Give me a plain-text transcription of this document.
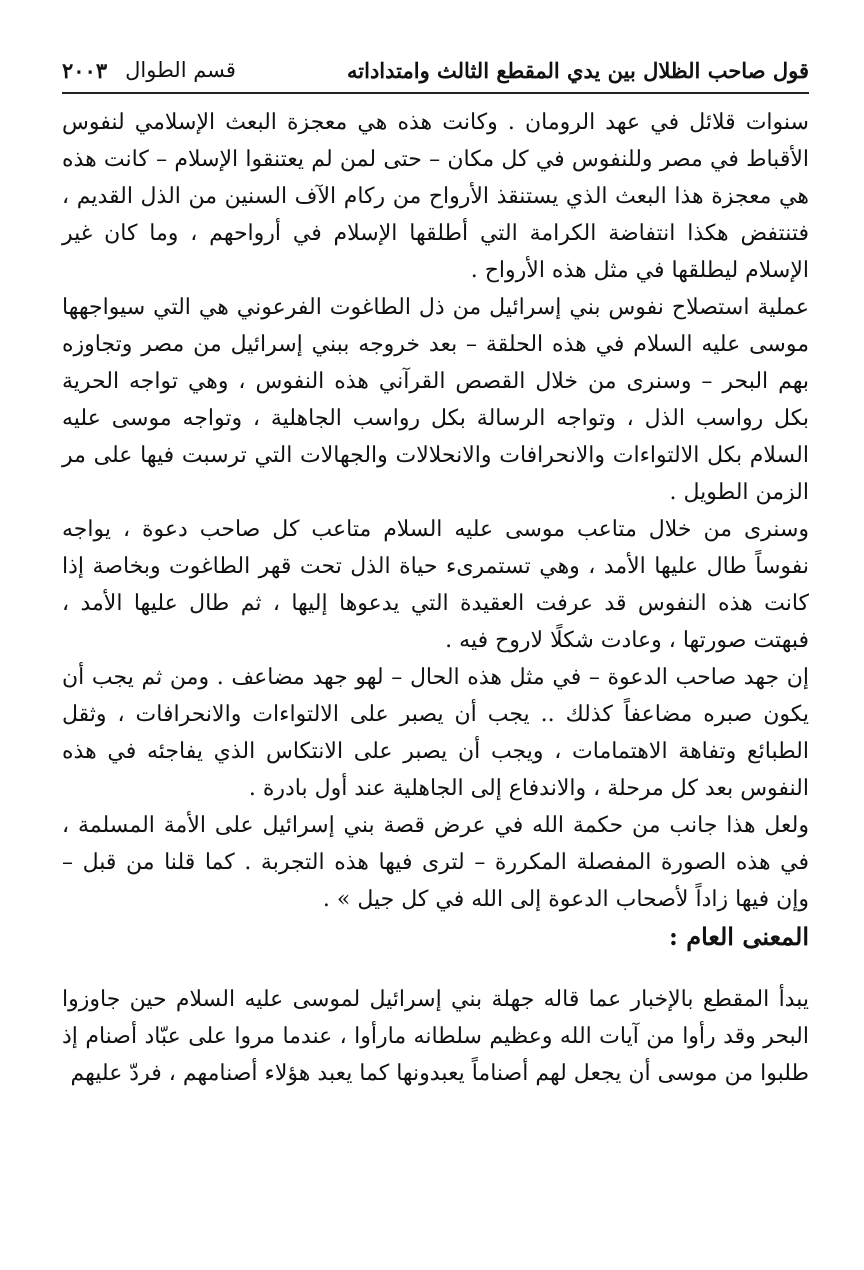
قول صاحب الظلال بين يدي المقطع الثالث وامتداداته
قسم الطوال
٢٠٠٣

سنوات قلائل في عهد الرومان . وكانت هذه هي معجزة البعث الإسلامي لنفوس الأقباط في مصر وللنفوس في كل مكان – حتى لمن لم يعتنقوا الإسلام – كانت هذه هي معجزة هذا البعث الذي يستنقذ الأرواح من ركام الآف السنين من الذل القديم ، فتنتفض هكذا انتفاضة الكرامة التي أطلقها الإسلام في أرواحهم ، وما كان غير الإسلام ليطلقها في مثل هذه الأرواح .

عملية استصلاح نفوس بني إسرائيل من ذل الطاغوت الفرعوني هي التي سيواجهها موسى عليه السلام في هذه الحلقة – بعد خروجه ببني إسرائيل من مصر وتجاوزه بهم البحر – وسنرى من خلال القصص القرآني هذه النفوس ، وهي تواجه الحرية بكل رواسب الذل ، وتواجه الرسالة بكل رواسب الجاهلية ، وتواجه موسى عليه السلام بكل الالتواءات والانحرافات والانحلالات والجهالات التي ترسبت فيها على مر الزمن الطويل .

وسنرى من خلال متاعب موسى عليه السلام متاعب كل صاحب دعوة ، يواجه نفوساً طال عليها الأمد ، وهي تستمرىء حياة الذل تحت قهر الطاغوت وبخاصة إذا كانت هذه النفوس قد عرفت العقيدة التي يدعوها إليها ، ثم طال عليها الأمد ، فبهتت صورتها ، وعادت شكلًا لاروح فيه .

إن جهد صاحب الدعوة – في مثل هذه الحال – لهو جهد مضاعف . ومن ثم يجب أن يكون صبره مضاعفاً كذلك .. يجب أن يصبر على الالتواءات والانحرافات ، وثقل الطبائع وتفاهة الاهتمامات ، ويجب أن يصبر على الانتكاس الذي يفاجئه في هذه النفوس بعد كل مرحلة ، والاندفاع إلى الجاهلية عند أول بادرة .

ولعل هذا جانب من حكمة الله في عرض قصة بني إسرائيل على الأمة المسلمة ، في هذه الصورة المفصلة المكررة – لترى فيها هذه التجربة . كما قلنا من قبل – وإن فيها زاداً لأصحاب الدعوة إلى الله في كل جيل » .

المعنى العام :

يبدأ المقطع بالإخبار عما قاله جهلة بني إسرائيل لموسى عليه السلام حين جاوزوا البحر وقد رأوا من آيات الله وعظيم سلطانه مارأوا ، عندما مروا على عبّاد أصنام إذ طلبوا من موسى أن يجعل لهم أصناماً يعبدونها كما يعبد هؤلاء أصنامهم ، فردّ عليهم
